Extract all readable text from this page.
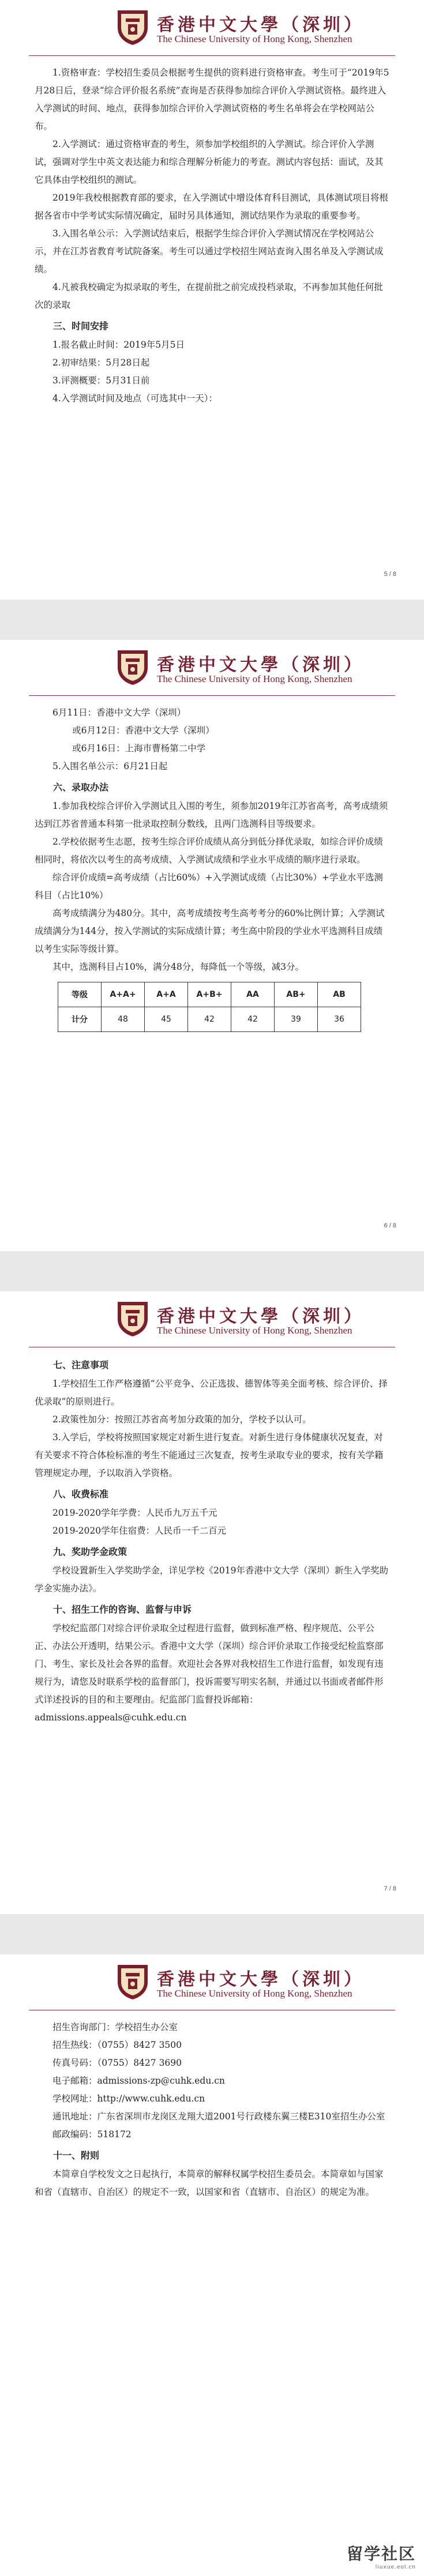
香港中文大學（深圳）
The Chinese University of Hong Kong, Shenzhen

1.资格审查：学校招生委员会根据考生提供的资料进行资格审查。考生可于“2019年5月28日后，登录“综合评价报名系统”查询是否获得参加综合评价入学测试资格。最终进入入学测试的时间、地点，获得参加综合评价入学测试资格的考生名单将会在学校网站公布。

2.入学测试：通过资格审查的考生，须参加学校组织的入学测试。综合评价入学测试，强调对学生中英文表达能力和综合理解分析能力的考查。测试内容包括：面试，及其它具体由学校组织的测试。

2019年我校根据教育部的要求，在入学测试中增设体育科目测试，具体测试项目将根据各省市中学考试实际情况确定，届时另具体通知，测试结果作为录取的重要参考。

3.入围名单公示：入学测试结束后，根据学生综合评价入学测试情况在学校网站公示，并在江苏省教育考试院备案。考生可以通过学校招生网站查询入围名单及入学测试成绩。

4.凡被我校确定为拟录取的考生，在提前批之前完成投档录取，不再参加其他任何批次的录取

三、时间安排

1.报名截止时间：2019年5月5日

2.初审结果：5月28日起

3.评测概要：5月31日前

4.入学测试时间及地点（可选其中一天）：

5 / 8
香港中文大學（深圳）
The Chinese University of Hong Kong, Shenzhen

6月11日：香港中文大学（深圳）

或6月12日：香港中文大学（深圳）

或6月16日：上海市曹杨第二中学

5.入围名单公示：6月21日起

六、录取办法

1.参加我校综合评价入学测试且入围的考生，须参加2019年江苏省高考，高考成绩须达到江苏省普通本科第一批录取控制分数线，且两门选测科目等级要求。

2.学校依据考生志愿，按考生综合评价成绩从高分到低分择优录取，如综合评价成绩相同时，将依次以考生的高考成绩、入学测试成绩和学业水平成绩的顺序进行录取。

综合评价成绩=高考成绩（占比60%）+入学测试成绩（占比30%）+学业水平选测科目（占比10%）

高考成绩满分为480分。其中，高考成绩按考生高考考分的60%比例计算；入学测试成绩满分为144分，按入学测试的实际成绩计算；考生高中阶段的学业水平选测科目成绩以考生实际等级计算。

其中，选测科目占10%，满分48分，每降低一个等级，减3分。

等级	A+A+	A+A	A+B+	AA	AB+	AB
计分	48	45	42	42	39	36
6 / 8
香港中文大學（深圳）
The Chinese University of Hong Kong, Shenzhen
七、注意事项

1.学校招生工作严格遵循“公平竞争、公正选拔、德智体等美全面考核、综合评价、择优录取”的原则进行。

2.政策性加分：按照江苏省高考加分政策的加分，学校予以认可。

3.入学后，学校将按照国家规定对新生进行复查。对新生进行身体健康状况复查，对有关要求不符合体检标准的考生不能通过三次复查，按考生录取专业的要求，按有关学籍管理规定办理，予以取消入学资格。

八、收费标准

2019-2020学年学费：人民币九万五千元

2019-2020学年住宿费：人民币一千二百元

九、奖助学金政策

学校设置新生入学奖助学金，详见学校《2019年香港中文大学（深圳）新生入学奖助学金实施办法》。

十、招生工作的咨询、监督与申诉

学校纪监部门对综合评价录取全过程进行监督，做到标准严格、程序规范、公平公正、办法公开透明，结果公示。香港中文大学（深圳）综合评价录取工作接受纪检监察部门、考生、家长及社会各界的监督。欢迎社会各界对我校招生工作进行监督，如发现有违规行为，请您及时联系学校的监督部门，投诉需要写明实名制，并通过以书面或者邮件形式详述投诉的目的和主要理由。纪监部门监督投诉邮箱：

admissions.appeals@cuhk.edu.cn

7 / 8
香港中文大學（深圳）
The Chinese University of Hong Kong, Shenzhen

招生咨询部门：学校招生办公室

招生热线：（0755）8427 3500

传真号码：（0755）8427 3690

电子邮箱：admissions-zp@cuhk.edu.cn

学校网址：http://www.cuhk.edu.cn

通讯地址：广东省深圳市龙岗区龙翔大道2001号行政楼东翼三楼E310室招生办公室

邮政编码：518172

十一、附则

本简章自学校发文之日起执行，本简章的解释权属学校招生委员会。本简章如与国家和省（直辖市、自治区）的规定不一致，以国家和省（直辖市、自治区）的规定为准。

留学社区
liuxue.eol.cn
